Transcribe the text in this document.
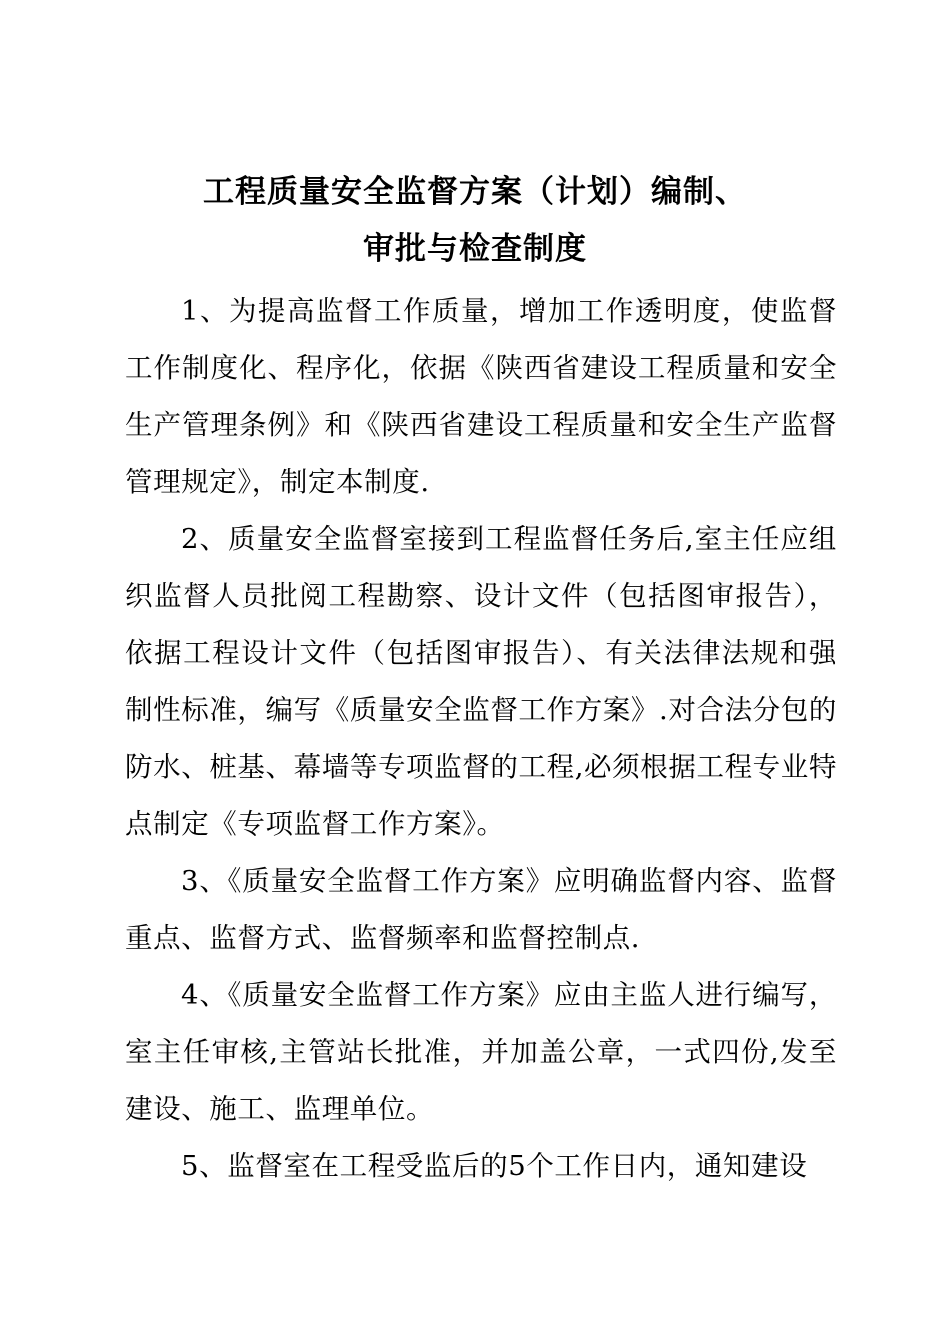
工程质量安全监督方案（计划）编制、
审批与检查制度

1、为提高监督工作质量，增加工作透明度，使监督工作制度化、程序化，依据《陕西省建设工程质量和安全生产管理条例》和《陕西省建设工程质量和安全生产监督管理规定》，制定本制度.

2、质量安全监督室接到工程监督任务后,室主任应组织监督人员批阅工程勘察、设计文件（包括图审报告），依据工程设计文件（包括图审报告）、有关法律法规和强制性标准，编写《质量安全监督工作方案》.对合法分包的防水、桩基、幕墙等专项监督的工程,必须根据工程专业特点制定《专项监督工作方案》。

3、《质量安全监督工作方案》应明确监督内容、监督重点、监督方式、监督频率和监督控制点.

4、《质量安全监督工作方案》应由主监人进行编写，室主任审核,主管站长批准，并加盖公章，一式四份,发至建设、施工、监理单位。

5、监督室在工程受监后的5个工作日内，通知建设
